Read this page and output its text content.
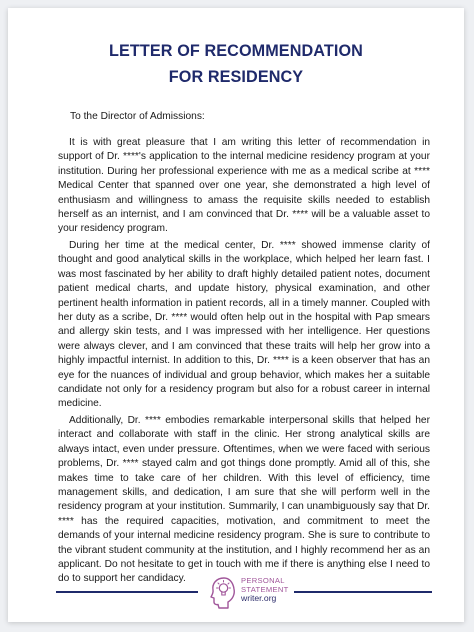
LETTER OF RECOMMENDATION
FOR RESIDENCY
To the Director of Admissions:
It is with great pleasure that I am writing this letter of recommendation in support of Dr. ****'s application to the internal medicine residency program at your institution. During her professional experience with me as a medical scribe at **** Medical Center that spanned over one year, she demonstrated a high level of enthusiasm and willingness to amass the requisite skills needed to establish herself as an internist, and I am convinced that Dr. **** will be a valuable asset to your residency program.
During her time at the medical center, Dr. **** showed immense clarity of thought and good analytical skills in the workplace, which helped her learn fast. I was most fascinated by her ability to draft highly detailed patient notes, document patient medical charts, and update history, physical examination, and other pertinent health information in patient records, all in a timely manner. Coupled with her duty as a scribe, Dr. **** would often help out in the hospital with Pap smears and allergy skin tests, and I was impressed with her intelligence. Her questions were always clever, and I am convinced that these traits will help her grow into a highly impactful internist. In addition to this, Dr. **** is a keen observer that has an eye for the nuances of individual and group behavior, which makes her a suitable candidate not only for a residency program but also for a robust career in internal medicine.
Additionally, Dr. **** embodies remarkable interpersonal skills that helped her interact and collaborate with staff in the clinic. Her strong analytical skills are always intact, even under pressure. Oftentimes, when we were faced with serious problems, Dr. **** stayed calm and got things done promptly. Amid all of this, she makes time to take care of her children. With this level of efficiency, time management skills, and dedication, I am sure that she will perform well in the residency program at your institution. Summarily, I can unambiguously say that Dr. **** has the required capacities, motivation, and commitment to meet the demands of your internal medicine residency program. She is sure to contribute to the vibrant student community at the institution, and I highly recommend her as an applicant. Do not hesitate to get in touch with me if there is anything else I need to do to support her candidacy.	PERSONAL
STATEMENT
writer.org
